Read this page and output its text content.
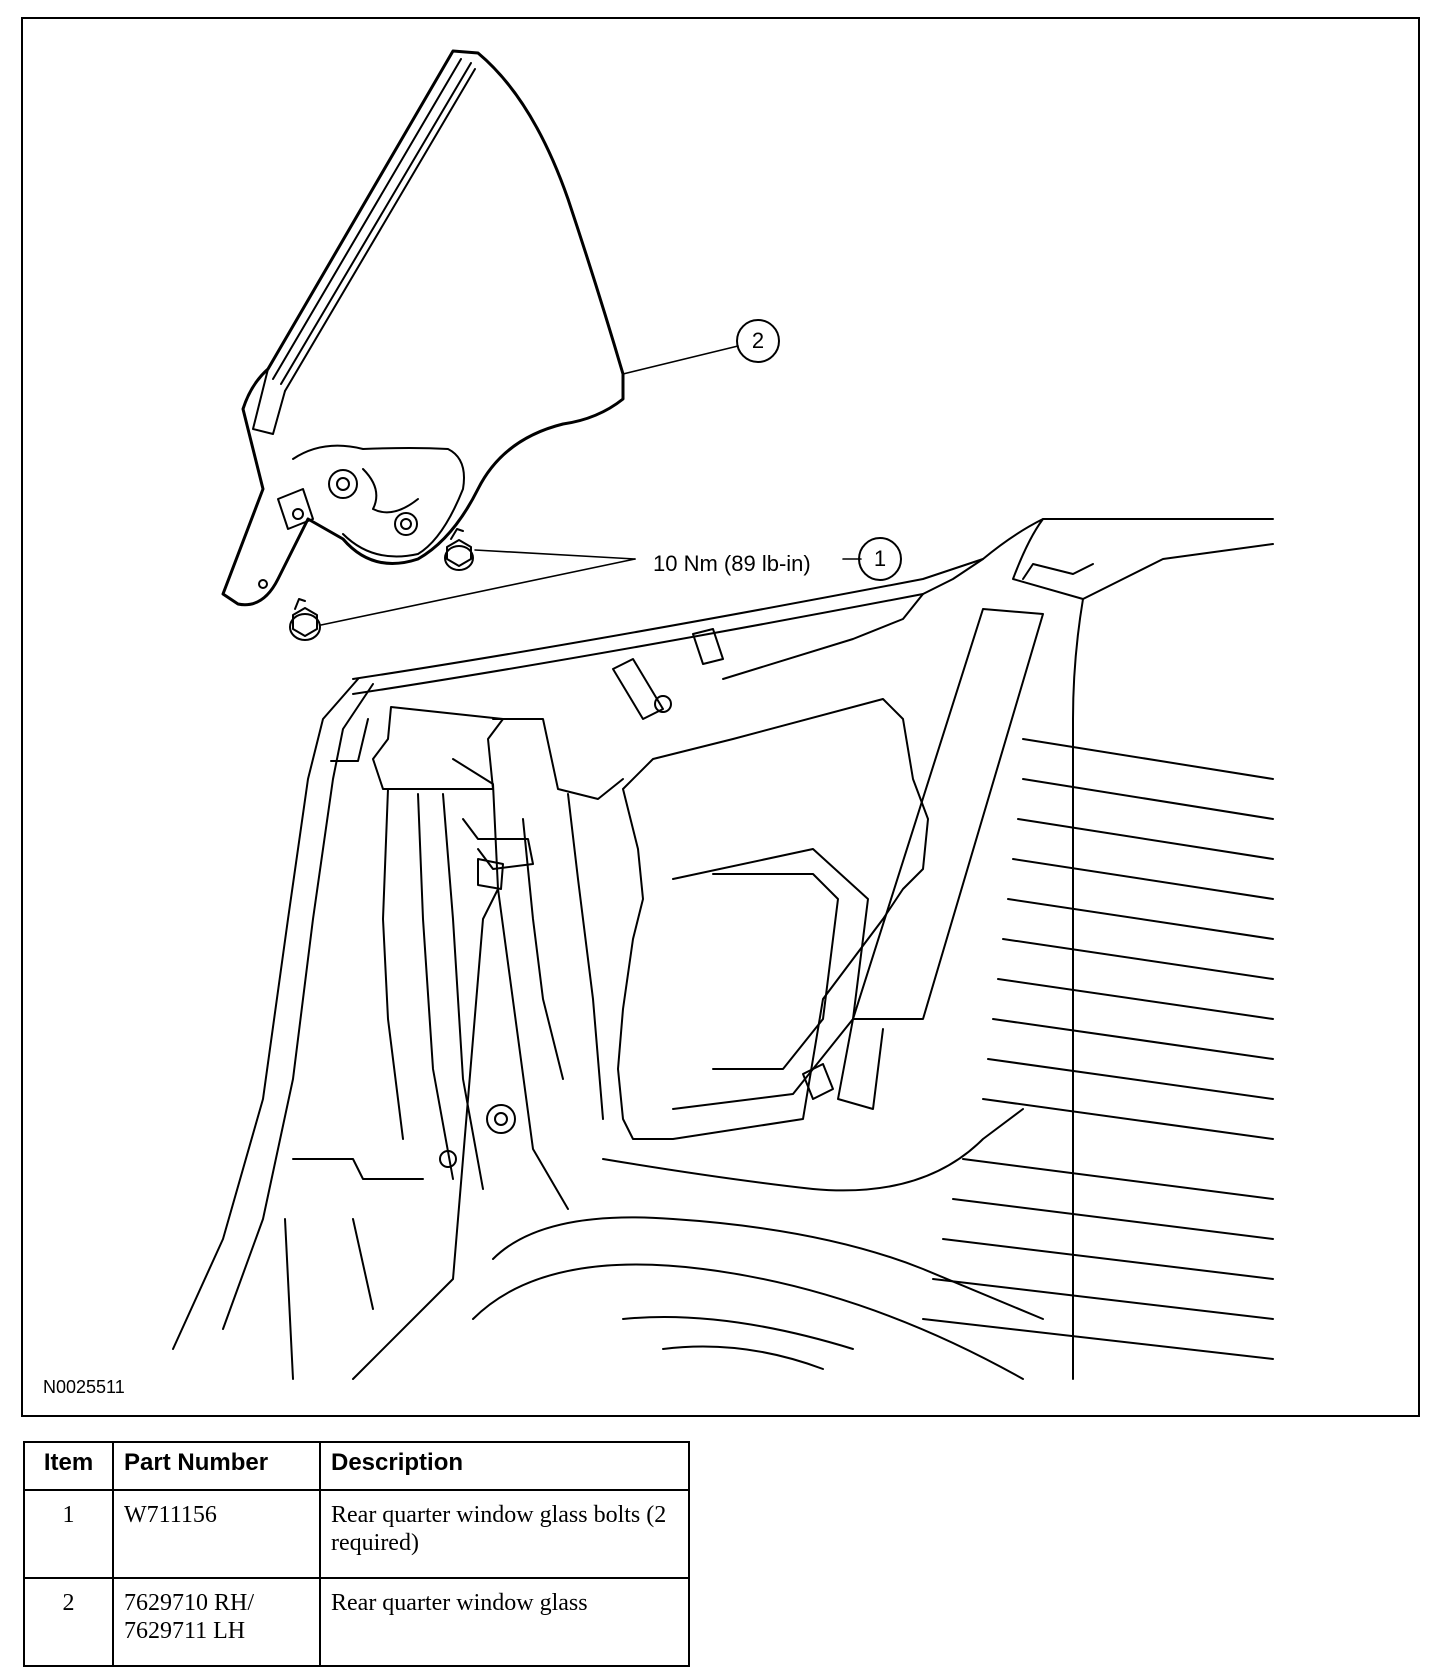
2
1
10 Nm (89 lb-in)
N0025511
Item	Part Number	Description
1	W711156	Rear quarter window glass bolts (2 required)
2	7629710 RH/ 7629711 LH	Rear quarter window glass
